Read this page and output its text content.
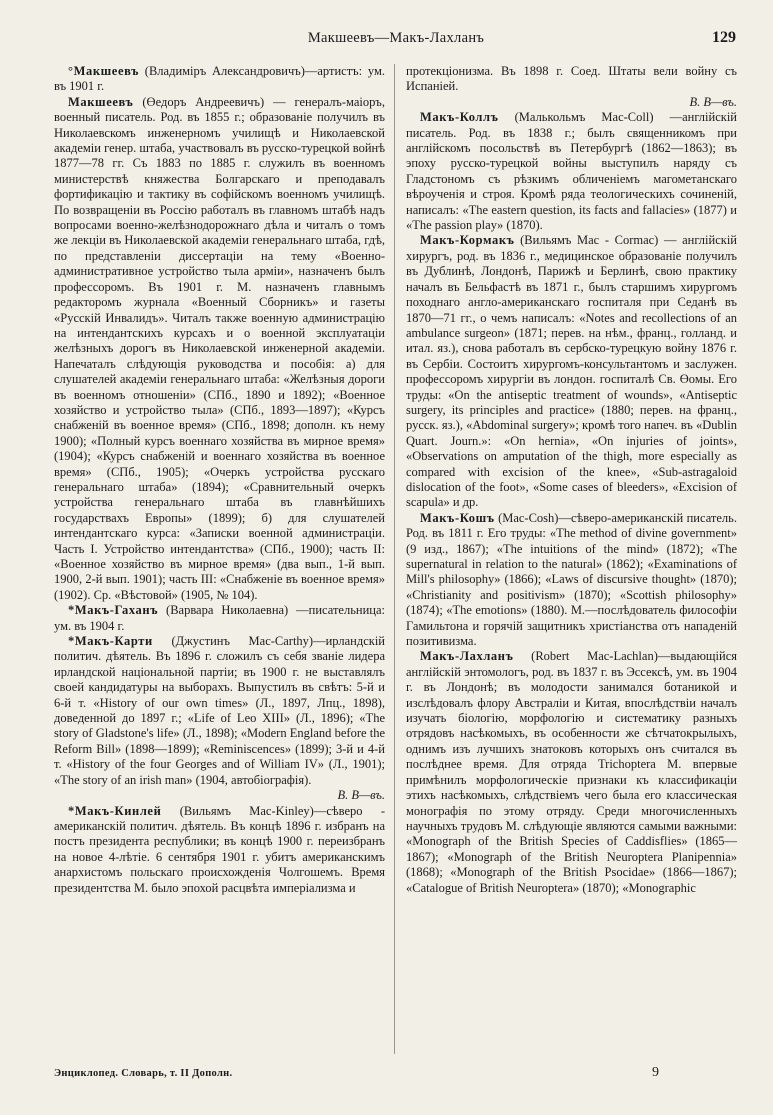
Макшеевъ—Макъ-Лахланъ	129

°Макшеевъ (Владиміръ Александровичъ)—артистъ: ум. въ 1901 г.

Макшеевъ (Өедоръ Андреевичъ) — генералъ-маіоръ, военный писатель. Род. въ 1855 г.; образованіе получилъ въ Николаевскомъ инженерномъ училищѣ и Николаевской академіи генер. штаба, участвовалъ въ русско-турецкой войнѣ 1877—78 гг. Съ 1883 по 1885 г. служилъ въ военномъ министерствѣ княжества Болгарскаго и преподавалъ фортификацію и тактику въ софійскомъ военномъ училищѣ. По возвращеніи въ Россію работалъ въ главномъ штабѣ надъ вопросами военно-желѣзнодорожнаго дѣла и читалъ о томъ же лекціи въ Николаевской академіи генеральнаго штаба, гдѣ, по представленіи диссертаціи на тему «Военно-административное устройство тыла арміи», назначенъ былъ профессоромъ. Въ 1901 г. М. назначенъ главнымъ редакторомъ журнала «Военный Сборникъ» и газеты «Русскій Инвалидъ». Читалъ также военную администрацію на интендантскихъ курсахъ и о военной эксплуатаціи желѣзныхъ дорогъ въ Николаевской инженерной академіи. Напечаталъ слѣдующія руководства и пособія: а) для слушателей академіи генеральнаго штаба: «Желѣзныя дороги въ военномъ отношеніи» (СПб., 1890 и 1892); «Военное хозяйство и устройство тыла» (СПб., 1893—1897); «Курсъ снабженій въ военное время» (СПб., 1898; дополн. къ нему 1900); «Полный курсъ военнаго хозяйства въ мирное время» (1904); «Курсъ снабженій и военнаго хозяйства въ военное время» (СПб., 1905); «Очеркъ устройства русскаго генеральнаго штаба» (1894); «Сравнительный очеркъ устройства генеральнаго штаба въ главнѣйшихъ государствахъ Европы» (1899); б) для слушателей интендантскаго курса: «Записки военной администраціи. Часть I. Устройство интендантства» (СПб., 1900); часть II: «Военное хозяйство въ мирное время» (два вып., 1-й вып. 1900, 2-й вып. 1901); часть III: «Снабженіе въ военное время» (1902). Ср. «Вѣстовой» (1905, № 104).

*Макъ-Гаханъ (Варвара Николаевна) —писательница: ум. въ 1904 г.

*Макъ-Карти (Джустинъ Mac-Carthy)—ирландскій политич. дѣятель. Въ 1896 г. сложилъ съ себя званіе лидера ирландской національной партіи; въ 1900 г. не выставлялъ своей кандидатуры на выборахъ. Выпустилъ въ свѣтъ: 5-й и 6-й т. «History of our own times» (Л., 1897, Лпц., 1898), доведенной до 1897 г.; «Life of Leo XIII» (Л., 1896); «The story of Gladstone's life» (Л., 1898); «Modern England before the Reform Bill» (1898—1899); «Reminiscences» (1899); 3-й и 4-й т. «History of the four Georges and of William IV» (Л., 1901); «The story of an irish man» (1904, автобіографія).
В. В—въ.

*Макъ-Кинлей (Вильямъ Mac-Kinley)—сѣверо - американскій политич. дѣятель. Въ концѣ 1896 г. избранъ на постъ президента республики; въ концѣ 1900 г. переизбранъ на новое 4-лѣтіе. 6 сентября 1901 г. убитъ американскимъ анархистомъ польскаго происхожденія Чолгошемъ. Время президентства М. было эпохой расцвѣта имперіализма и

протекціонизма. Въ 1898 г. Соед. Штаты вели войну съ Испаніей.
В. В—въ.

Макъ-Коллъ (Малькольмъ Mac-Coll) —англійскій писатель. Род. въ 1838 г.; былъ священникомъ при англійскомъ посольствѣ въ Петербургѣ (1862—1863); въ эпоху русско-турецкой войны выступилъ наряду съ Гладстономъ съ рѣзкимъ обличеніемъ магометанскаго вѣроученія и строя. Кромѣ ряда теологическихъ сочиненій, написалъ: «The eastern question, its facts and fallacies» (1877) и «The passion play» (1870).

Макъ-Кормакъ (Вильямъ Mac - Cormac) — англійскій хирургъ, род. въ 1836 г., медицинское образованіе получилъ въ Дублинѣ, Лондонѣ, Парижѣ и Берлинѣ, свою практику началъ въ Бельфастѣ въ 1871 г., былъ старшимъ хирургомъ походнаго англо-американскаго госпиталя при Седанѣ въ 1870—71 гг., о чемъ написалъ: «Notes and recollections of an ambulance surgeon» (1871; перев. на нѣм., франц., голланд. и итал. яз.), снова работалъ въ сербско-турецкую войну 1876 г. въ Сербіи. Состоитъ хирургомъ-консультантомъ и заслужен. профессоромъ хирургіи въ лондон. госпиталѣ Св. Өомы. Его труды: «On the antiseptic treatment of wounds», «Antiseptic surgery, its principles and practice» (1880; перев. на франц., русск. яз.), «Abdominal surgery»; кромѣ того напеч. въ «Dublin Quart. Journ.»: «On hernia», «On injuries of joints», «Observations on amputation of the thigh, more especially as compared with excision of the knee», «Sub-astragaloid dislocation of the foot», «Some cases of bleeders», «Excision of scapula» и др.

Макъ-Кошъ (Mac-Cosh)—сѣверо-американскій писатель. Род. въ 1811 г. Его труды: «The method of divine government» (9 изд., 1867); «The intuitions of the mind» (1872); «The supernatural in relation to the natural» (1862); «Examinations of Mill's philosophy» (1866); «Laws of discursive thought» (1870); «Christianity and positivism» (1870); «Scottish philosophy» (1874); «The emotions» (1880). М.—послѣдователь философіи Гамильтона и горячій защитникъ христіанства отъ нападеній позитивизма.

Макъ-Лахланъ (Robert Mac-Lachlan)—выдающійся англійскій энтомологъ, род. въ 1837 г. въ Эссексѣ, ум. въ 1904 г. въ Лондонѣ; въ молодости занимался ботаникой и изслѣдовалъ флору Австраліи и Китая, впослѣдствіи началъ изучать біологію, морфологію и систематику разныхъ отрядовъ насѣкомыхъ, въ особенности же сѣтчатокрылыхъ, однимъ изъ лучшихъ знатоковъ которыхъ онъ считался въ послѣднее время. Для отряда Trichoptera М. впервые примѣнилъ морфологическіе признаки къ классификаціи этихъ насѣкомыхъ, слѣдствіемъ чего была его классическая монографія по этому отряду. Среди многочисленныхъ научныхъ трудовъ М. слѣдующіе являются самыми важными: «Monograph of the British Species of Caddisflies» (1865—1867); «Monograph of the British Neuroptera Planipennia» (1868); «Monograph of the British Psocidae» (1866—1867); «Catalogue of British Neuroptera» (1870); «Monographic

Энциклопед. Словарь, т. II Дополн.	9
